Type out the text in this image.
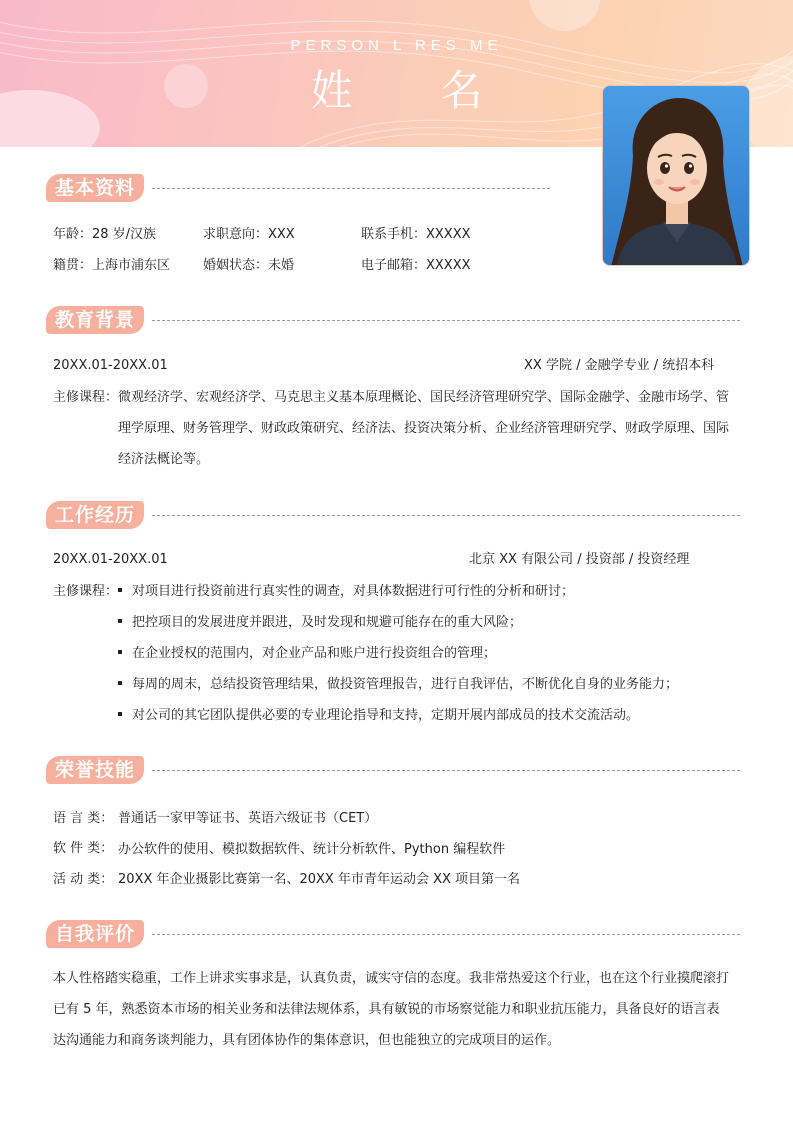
PERSON L RES ME
姓名
基本资料
年龄：28 岁/汉族	求职意向：XXX	联系手机：XXXXX
籍贯：上海市浦东区	婚姻状态：未婚	电子邮箱：XXXXX
教育背景
20XX.01-20XX.01	XX 学院 / 金融学专业 / 统招本科
主修课程： 微观经济学、宏观经济学、马克思主义基本原理概论、国民经济管理研究学、国际金融学、金融市场学、管
理学原理、财务管理学、财政政策研究、经济法、投资决策分析、企业经济管理研究学、财政学原理、国际
经济法概论等。
工作经历
20XX.01-20XX.01	北京 XX 有限公司 / 投资部 / 投资经理
主修课程：	对项目进行投资前进行真实性的调查，对具体数据进行可行性的分析和研讨；
把控项目的发展进度并跟进，及时发现和规避可能存在的重大风险；
在企业授权的范围内，对企业产品和账户进行投资组合的管理；
每周的周末，总结投资管理结果，做投资管理报告，进行自我评估，不断优化自身的业务能力；
对公司的其它团队提供必要的专业理论指导和支持，定期开展内部成员的技术交流活动。
荣誉技能
语 言 类： 普通话一家甲等证书、英语六级证书（CET）
软 件 类： 办公软件的使用、模拟数据软件、统计分析软件、Python 编程软件
活 动 类： 20XX 年企业摄影比赛第一名、20XX 年市青年运动会 XX 项目第一名
自我评价
本人性格踏实稳重，工作上讲求实事求是，认真负责，诚实守信的态度。我非常热爱这个行业，也在这个行业摸爬滚打
已有 5 年，熟悉资本市场的相关业务和法律法规体系，具有敏锐的市场察觉能力和职业抗压能力，具备良好的语言表
达沟通能力和商务谈判能力，具有团体协作的集体意识，但也能独立的完成项目的运作。
